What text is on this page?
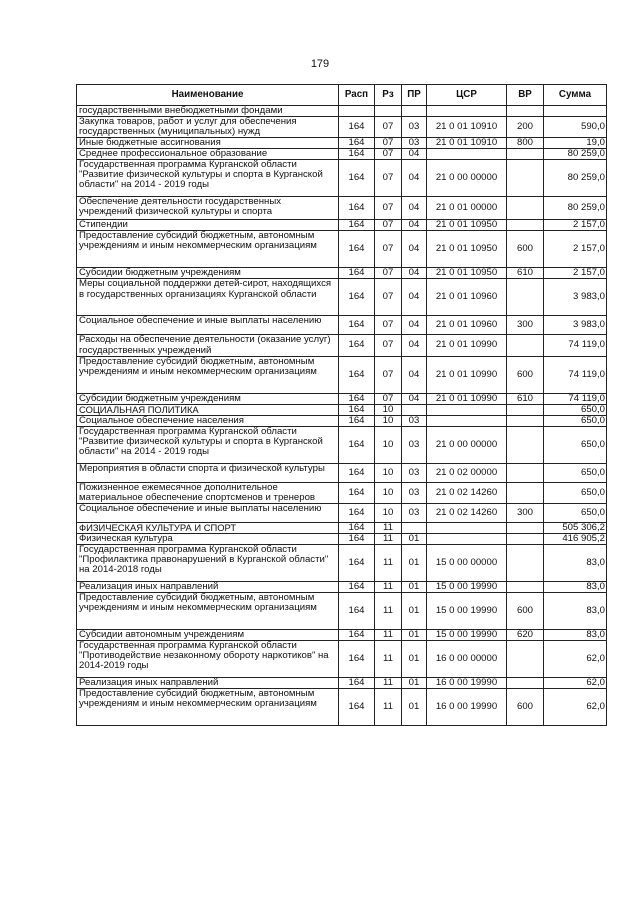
179
Наименование	Расп	Рз	ПР	ЦСР	ВР	Сумма
государственными внебюджетными фондами						
Закупка товаров, работ и услуг для обеспечения государственных (муниципальных) нужд	164	07	03	21 0 01 10910	200	590,0
Иные бюджетные ассигнования	164	07	03	21 0 01 10910	800	19,0
Среднее профессиональное образование	164	07	04			80 259,0
Государственная программа Курганской области "Развитие физической культуры и спорта в Курганской области" на 2014 - 2019 годы	164	07	04	21 0 00 00000		80 259,0
Обеспечение деятельности государственных учреждений физической культуры и спорта	164	07	04	21 0 01 00000		80 259,0
Стипендии	164	07	04	21 0 01 10950		2 157,0
Предоставление субсидий бюджетным, автономным учреждениям и иным некоммерческим организациям	164	07	04	21 0 01 10950	600	2 157,0
Субсидии бюджетным учреждениям	164	07	04	21 0 01 10950	610	2 157,0
Меры социальной поддержки детей-сирот, находящихся в государственных организациях Курганской области	164	07	04	21 0 01 10960		3 983,0
Социальное обеспечение и иные выплаты населению	164	07	04	21 0 01 10960	300	3 983,0
Расходы на обеспечение деятельности (оказание услуг) государственных учреждений	164	07	04	21 0 01 10990		74 119,0
Предоставление субсидий бюджетным, автономным учреждениям и иным некоммерческим организациям	164	07	04	21 0 01 10990	600	74 119,0
Субсидии бюджетным учреждениям	164	07	04	21 0 01 10990	610	74 119,0
СОЦИАЛЬНАЯ ПОЛИТИКА	164	10				650,0
Социальное обеспечение населения	164	10	03			650,0
Государственная программа Курганской области "Развитие физической культуры и спорта в Курганской области" на 2014 - 2019 годы	164	10	03	21 0 00 00000		650,0
Мероприятия в области спорта и физической культуры	164	10	03	21 0 02 00000		650,0
Пожизненное ежемесячное дополнительное материальное обеспечение спортсменов и тренеров	164	10	03	21 0 02 14260		650,0
Социальное обеспечение и иные выплаты населению	164	10	03	21 0 02 14260	300	650,0
ФИЗИЧЕСКАЯ КУЛЬТУРА И СПОРТ	164	11				505 306,2
Физическая культура	164	11	01			416 905,2
Государственная программа Курганской области "Профилактика правонарушений в Курганской области" на 2014-2018 годы	164	11	01	15 0 00 00000		83,0
Реализация иных направлений	164	11	01	15 0 00 19990		83,0
Предоставление субсидий бюджетным, автономным учреждениям и иным некоммерческим организациям	164	11	01	15 0 00 19990	600	83,0
Субсидии автономным учреждениям	164	11	01	15 0 00 19990	620	83,0
Государственная программа Курганской области "Противодействие незаконному обороту наркотиков" на 2014-2019 годы	164	11	01	16 0 00 00000		62,0
Реализация иных направлений	164	11	01	16 0 00 19990		62,0
Предоставление субсидий бюджетным, автономным учреждениям и иным некоммерческим организациям	164	11	01	16 0 00 19990	600	62,0
